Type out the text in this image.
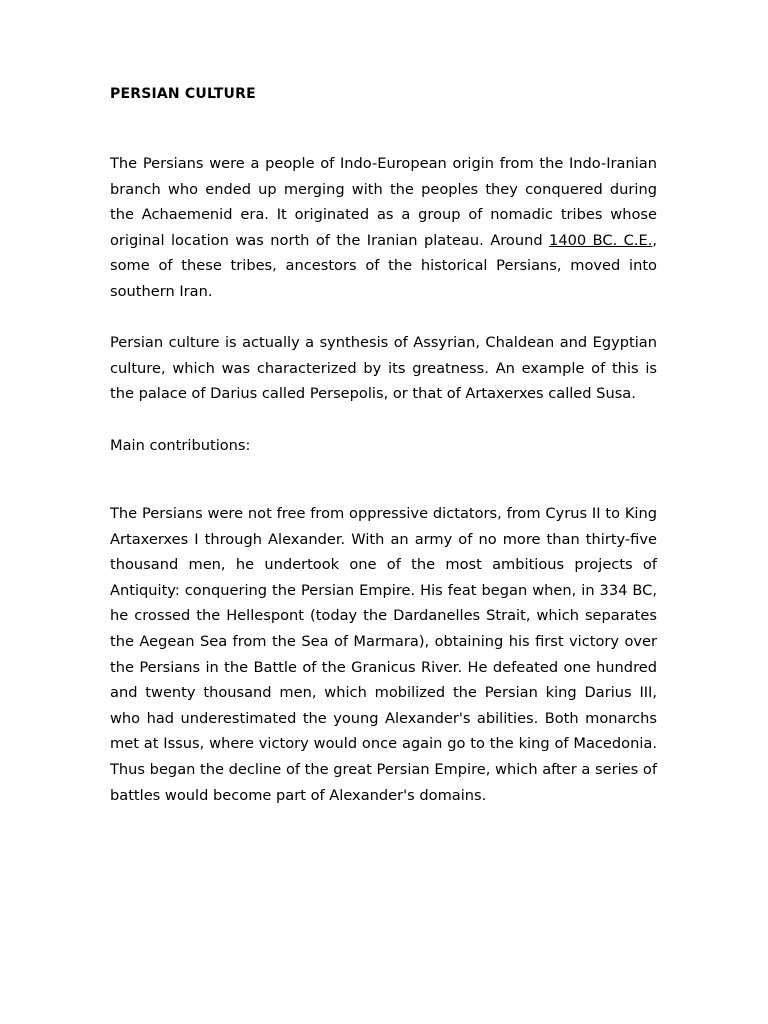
PERSIAN CULTURE

The Persians were a people of Indo-European origin from the Indo-Iranian branch who ended up merging with the peoples they conquered during the Achaemenid era. It originated as a group of nomadic tribes whose original location was north of the Iranian plateau. Around 1400 BC. C.E., some of these tribes, ancestors of the historical Persians, moved into southern Iran.

Persian culture is actually a synthesis of Assyrian, Chaldean and Egyptian culture, which was characterized by its greatness. An example of this is the palace of Darius called Persepolis, or that of Artaxerxes called Susa.

Main contributions:

The Persians were not free from oppressive dictators, from Cyrus II to King Artaxerxes I through Alexander. With an army of no more than thirty-five thousand men, he undertook one of the most ambitious projects of Antiquity: conquering the Persian Empire. His feat began when, in 334 BC, he crossed the Hellespont (today the Dardanelles Strait, which separates the Aegean Sea from the Sea of Marmara), obtaining his first victory over the Persians in the Battle of the Granicus River. He defeated one hundred and twenty thousand men, which mobilized the Persian king Darius III, who had underestimated the young Alexander's abilities. Both monarchs met at Issus, where victory would once again go to the king of Macedonia. Thus began the decline of the great Persian Empire, which after a series of battles would become part of Alexander's domains.
